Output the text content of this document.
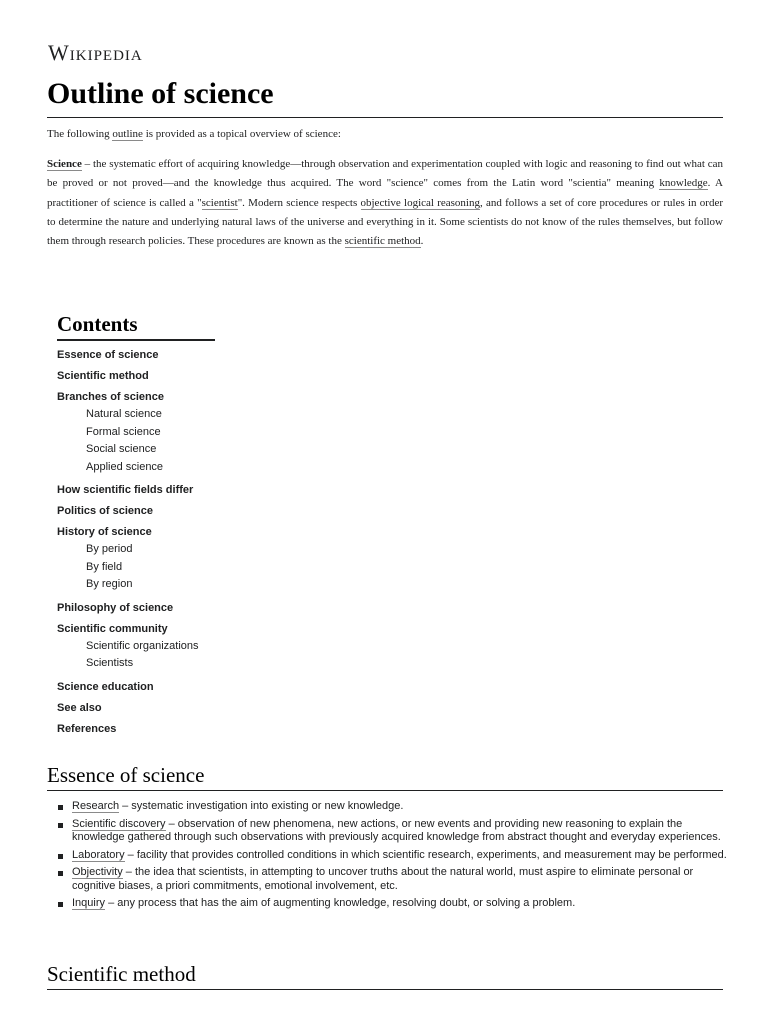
Wikipedia
Outline of science

The following outline is provided as a topical overview of science:

Science – the systematic effort of acquiring knowledge—through observation and experimentation coupled with logic and reasoning to find out what can be proved or not proved—and the knowledge thus acquired. The word "science" comes from the Latin word "scientia" meaning knowledge. A practitioner of science is called a "scientist". Modern science respects objective logical reasoning, and follows a set of core procedures or rules in order to determine the nature and underlying natural laws of the universe and everything in it. Some scientists do not know of the rules themselves, but follow them through research policies. These procedures are known as the scientific method.

Contents
Essence of science
Scientific method
Branches of science
Natural science
Formal science
Social science
Applied science
How scientific fields differ
Politics of science
History of science
By period
By field
By region
Philosophy of science
Scientific community
Scientific organizations
Scientists
Science education
See also
References
Essence of science
Research – systematic investigation into existing or new knowledge.
Scientific discovery – observation of new phenomena, new actions, or new events and providing new reasoning to explain the knowledge gathered through such observations with previously acquired knowledge from abstract thought and everyday experiences.
Laboratory – facility that provides controlled conditions in which scientific research, experiments, and measurement may be performed.
Objectivity – the idea that scientists, in attempting to uncover truths about the natural world, must aspire to eliminate personal or cognitive biases, a priori commitments, emotional involvement, etc.
Inquiry – any process that has the aim of augmenting knowledge, resolving doubt, or solving a problem.
Scientific method
